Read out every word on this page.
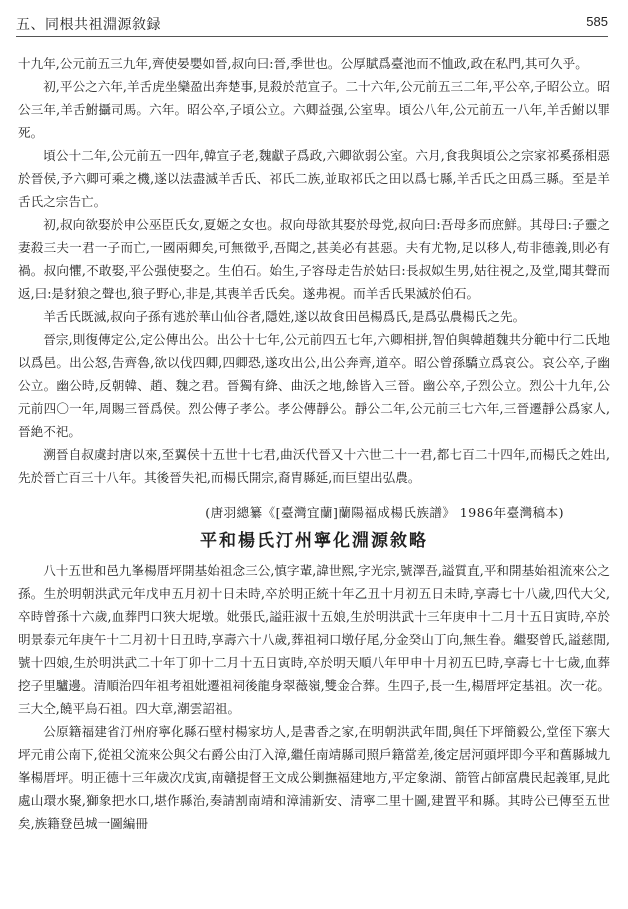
五、同根共祖淵源敘録	585

十九年,公元前五三九年,齊使晏嬰如晉,叔向曰:晉,季世也。公厚賦爲臺池而不恤政,政在私門,其可久乎。

初,平公之六年,羊舌虎坐欒盈出奔楚事,見殺於范宣子。二十六年,公元前五三二年,平公卒,子昭公立。昭公三年,羊舌鮒攝司馬。六年。昭公卒,子頃公立。六卿益强,公室卑。頃公八年,公元前五一八年,羊舌鮒以罪死。

頃公十二年,公元前五一四年,韓宣子老,魏獻子爲政,六卿欲弱公室。六月,食我與頃公之宗家祁奚孫相惡於晉侯,予六卿可乘之機,遂以法盡滅羊舌氏、祁氏二族,並取祁氏之田以爲七縣,羊舌氏之田爲三縣。至是羊舌氏之宗告亡。

初,叔向欲娶於申公巫臣氏女,夏姬之女也。叔向母欲其娶於母党,叔向曰:吾母多而庶鮮。其母曰:子靈之妻殺三夫一君一子而亡,一國兩卿矣,可無徵乎,吾聞之,甚美必有甚惡。夫有尤物,足以移人,苟非德義,則必有禍。叔向懼,不敢娶,平公强使娶之。生伯石。始生,子容母走告於姑曰:長叔姒生男,姑往視之,及堂,聞其聲而返,曰:是豺狼之聲也,狼子野心,非是,其喪羊舌氏矣。遂弗視。而羊舌氏果滅於伯石。

羊舌氏既滅,叔向子孫有逃於華山仙谷者,隱姓,遂以故食田邑楊爲氏,是爲弘農楊氏之先。

晉宗,則復傳定公,定公傳出公。出公十七年,公元前四五七年,六卿相拼,智伯與韓趙魏共分範中行二氏地以爲邑。出公怒,告齊魯,欲以伐四卿,四卿恐,遂攻出公,出公奔齊,道卒。昭公曾孫驕立爲哀公。哀公卒,子幽公立。幽公時,反朝韓、趙、魏之君。晉獨有絳、曲沃之地,餘皆入三晉。幽公卒,子烈公立。烈公十九年,公元前四〇一年,周賜三晉爲侯。烈公傳子孝公。孝公傳靜公。靜公二年,公元前三七六年,三晉遷靜公爲家人,晉絶不祀。

溯晉自叔虞封唐以來,至翼侯十五世十七君,曲沃代晉又十六世二十一君,都七百二十四年,而楊氏之姓出,先於晉亡百三十八年。其後晉失祀,而楊氏開宗,裔胄縣延,而巨望出弘農。

(唐羽總纂《[臺灣宜蘭]蘭陽福成楊氏族譜》 1986年臺灣稿本)

平和楊氏汀州寧化淵源敘略

八十五世和邑九峯楊厝坪開基始祖念三公,慎字輩,諱世熙,字光宗,號澤吾,謚質直,平和開基始祖流來公之孫。生於明朝洪武元年戊申五月初十日未時,卒於明正統十年乙丑十月初五日未時,享壽七十八歲,四代大父,卒時曾孫十六歲,血葬門口狹大坭墩。妣張氏,謚莊淑十五娘,生於明洪武十三年庚申十二月十五日寅時,卒於明景泰元年庚午十二月初十日丑時,享壽六十八歲,葬祖祠口墩仔尾,分金癸山丁向,無生眷。繼娶曾氏,謚慈閒,號十四娘,生於明洪武二十年丁卯十二月十五日寅時,卒於明天順八年甲申十月初五巳時,享壽七十七歲,血葬挖子里驢邊。清順治四年祖考祖妣遷祖祠後龍身翠薇嶺,雙金合葬。生四子,長一生,楊厝坪定基祖。次一花。三大仝,饒平烏石祖。四大章,潮雲詔祖。

公原籍福建省汀州府寧化縣石壁村楊家坊人,是書香之家,在明朝洪武年間,與任下坪簡毅公,堂侄下寨大坪元甫公南下,從祖父流來公與父右爵公由汀入漳,繼任南靖縣司照戶籍當差,後定居河頭坪即今平和舊縣城九峯楊厝坪。明正德十三年歲次戊寅,南贛提督王文成公剿撫福建地方,平定象湖、箭管占師富農民起義軍,見此處山環水聚,獅象把水口,堪作縣治,奏請割南靖和漳浦新安、清寧二里十圖,建置平和縣。其時公已傳至五世矣,族籍登邑城一圖編冊
